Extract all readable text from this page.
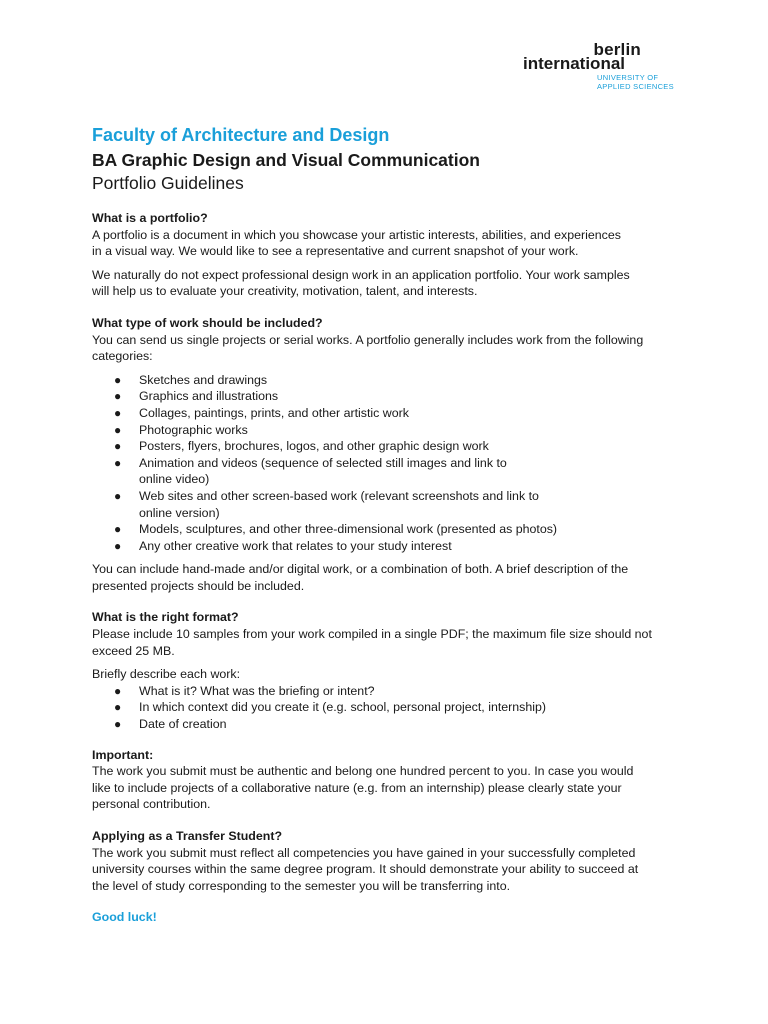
berlin
international
UNIVERSITY OF
APPLIED SCIENCES
Faculty of Architecture and Design
BA Graphic Design and Visual Communication
Portfolio Guidelines
What is a portfolio?

A portfolio is a document in which you showcase your artistic interests, abilities, and experiences
in a visual way. We would like to see a representative and current snapshot of your work.

We naturally do not expect professional design work in an application portfolio. Your work samples
will help us to evaluate your creativity, motivation, talent, and interests.

What type of work should be included?

You can send us single projects or serial works. A portfolio generally includes work from the following
categories:

● Sketches and drawings
● Graphics and illustrations
● Collages, paintings, prints, and other artistic work
● Photographic works
● Posters, flyers, brochures, logos, and other graphic design work
● Animation and videos (sequence of selected still images and link to
online video)
● Web sites and other screen-based work (relevant screenshots and link to
online version)
● Models, sculptures, and other three-dimensional work (presented as photos)
● Any other creative work that relates to your study interest

You can include hand-made and/or digital work, or a combination of both. A brief description of the
presented projects should be included.

What is the right format?

Please include 10 samples from your work compiled in a single PDF; the maximum file size should not
exceed 25 MB.

Briefly describe each work:

● What is it? What was the briefing or intent?
● In which context did you create it (e.g. school, personal project, internship)
● Date of creation
Important:

The work you submit must be authentic and belong one hundred percent to you. In case you would
like to include projects of a collaborative nature (e.g. from an internship) please clearly state your
personal contribution.

Applying as a Transfer Student?

The work you submit must reflect all competencies you have gained in your successfully completed
university courses within the same degree program. It should demonstrate your ability to succeed at
the level of study corresponding to the semester you will be transferring into.

Good luck!
